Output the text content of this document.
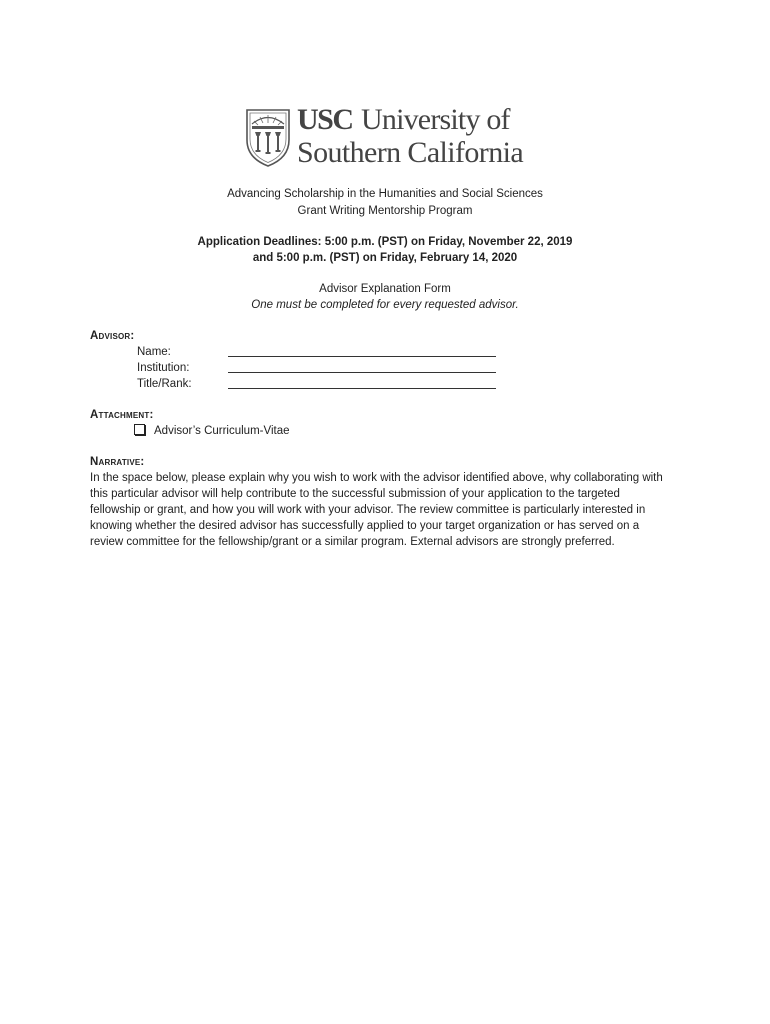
USC University of
Southern California
Advancing Scholarship in the Humanities and Social Sciences
Grant Writing Mentorship Program
Application Deadlines: 5:00 p.m. (PST) on Friday, November 22, 2019
and 5:00 p.m. (PST) on Friday, February 14, 2020
Advisor Explanation Form
One must be completed for every requested advisor.
Advisor:
Name:
Institution:
Title/Rank:
Attachment:
Advisor’s Curriculum-Vitae
Narrative:
In the space below, please explain why you wish to work with the advisor identified above, why collaborating with
this particular advisor will help contribute to the successful submission of your application to the targeted
fellowship or grant, and how you will work with your advisor. The review committee is particularly interested in
knowing whether the desired advisor has successfully applied to your target organization or has served on a
review committee for the fellowship/grant or a similar program. External advisors are strongly preferred.
